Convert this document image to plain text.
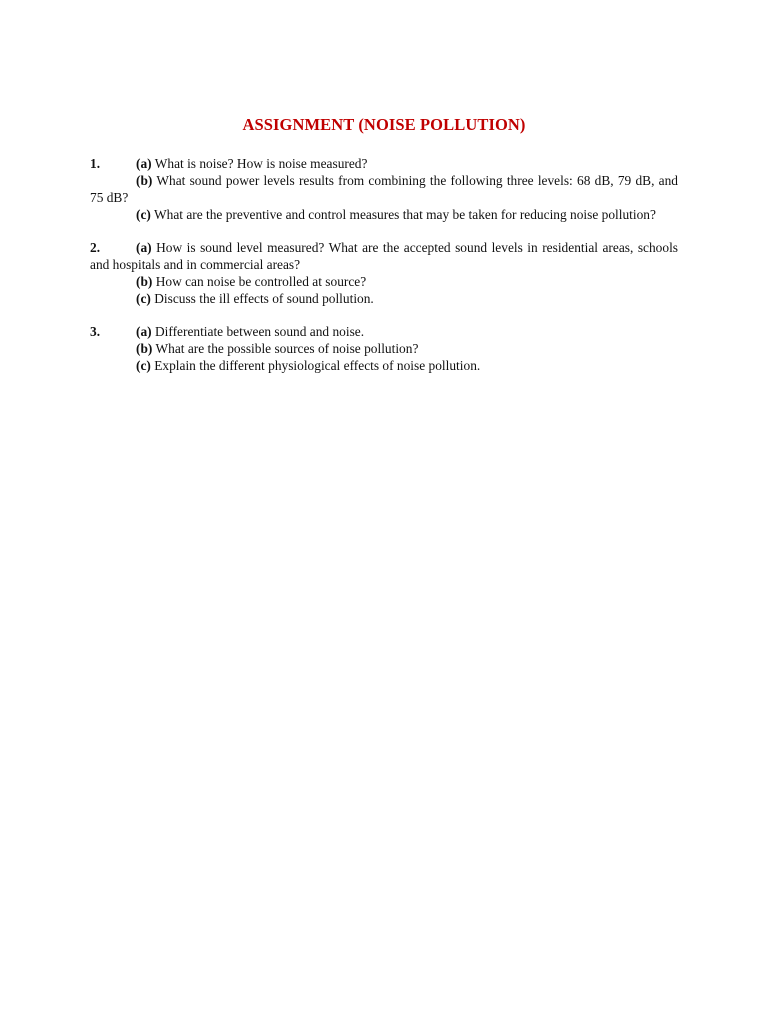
ASSIGNMENT (NOISE POLLUTION)
1.	(a) What is noise? How is noise measured?
(b) What sound power levels results from combining the following three levels: 68 dB, 79 dB, and 75 dB?
(c) What are the preventive and control measures that may be taken for reducing noise pollution?
2.	(a) How is sound level measured? What are the accepted sound levels in residential areas, schools and hospitals and in commercial areas?
(b) How can noise be controlled at source?
(c) Discuss the ill effects of sound pollution.
3.	(a) Differentiate between sound and noise.
(b) What are the possible sources of noise pollution?
(c) Explain the different physiological effects of noise pollution.
